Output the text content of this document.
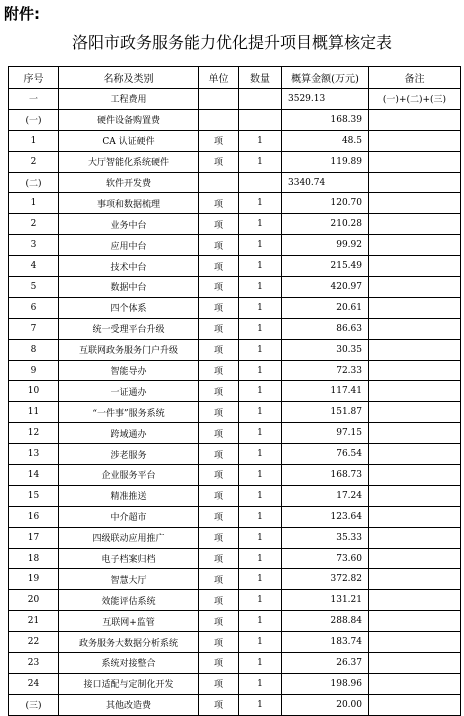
附件:
洛阳市政务服务能力优化提升项目概算核定表
序号	名称及类别	单位	数量	概算金额(万元)	备注
一	工程费用			3529.13	(一)+(二)+(三)
(一)	硬件设备购置费			168.39	
1	CA 认证硬件	项	1	48.5	
2	大厅智能化系统硬件	项	1	119.89	
(二)	软件开发费			3340.74	
1	事项和数据梳理	项	1	120.70	
2	业务中台	项	1	210.28	
3	应用中台	项	1	99.92	
4	技术中台	项	1	215.49	
5	数据中台	项	1	420.97	
6	四个体系	项	1	20.61	
7	统一受理平台升级	项	1	86.63	
8	互联网政务服务门户升级	项	1	30.35	
9	智能导办	项	1	72.33	
10	一证通办	项	1	117.41	
11	“一件事”服务系统	项	1	151.87	
12	跨域通办	项	1	97.15	
13	涉老服务	项	1	76.54	
14	企业服务平台	项	1	168.73	
15	精准推送	项	1	17.24	
16	中介超市	项	1	123.64	
17	四级联动应用推广	项	1	35.33	
18	电子档案归档	项	1	73.60	
19	智慧大厅	项	1	372.82	
20	效能评估系统	项	1	131.21	
21	互联网+监管	项	1	288.84	
22	政务服务大数据分析系统	项	1	183.74	
23	系统对接整合	项	1	26.37	
24	接口适配与定制化开发	项	1	198.96	
(三)	其他改造费	项	1	20.00	
